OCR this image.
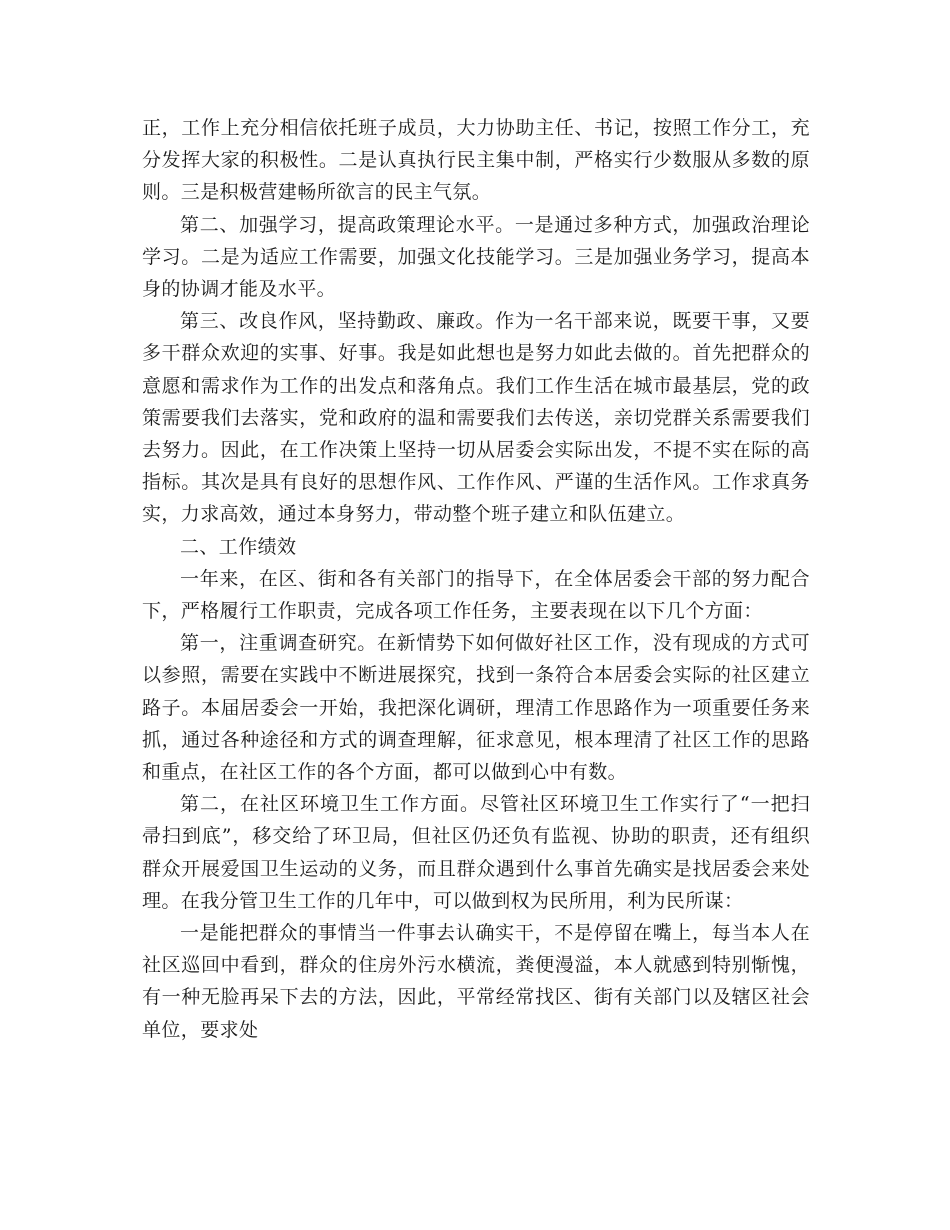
正，工作上充分相信依托班子成员，大力协助主任、书记，按照工作分工，充分发挥大家的积极性。二是认真执行民主集中制，严格实行少数服从多数的原则。三是积极营建畅所欲言的民主气氛。

第二、加强学习，提高政策理论水平。一是通过多种方式，加强政治理论学习。二是为适应工作需要，加强文化技能学习。三是加强业务学习，提高本身的协调才能及水平。

第三、改良作风，坚持勤政、廉政。作为一名干部来说，既要干事，又要多干群众欢迎的实事、好事。我是如此想也是努力如此去做的。首先把群众的意愿和需求作为工作的出发点和落角点。我们工作生活在城市最基层，党的政策需要我们去落实，党和政府的温和需要我们去传送，亲切党群关系需要我们去努力。因此，在工作决策上坚持一切从居委会实际出发，不提不实在际的高指标。其次是具有良好的思想作风、工作作风、严谨的生活作风。工作求真务实，力求高效，通过本身努力，带动整个班子建立和队伍建立。

二、工作绩效

一年来，在区、街和各有关部门的指导下，在全体居委会干部的努力配合下，严格履行工作职责，完成各项工作任务，主要表现在以下几个方面：

第一，注重调查研究。在新情势下如何做好社区工作，没有现成的方式可以参照，需要在实践中不断进展探究，找到一条符合本居委会实际的社区建立路子。本届居委会一开始，我把深化调研，理清工作思路作为一项重要任务来抓，通过各种途径和方式的调查理解，征求意见，根本理清了社区工作的思路和重点，在社区工作的各个方面，都可以做到心中有数。

第二，在社区环境卫生工作方面。尽管社区环境卫生工作实行了“一把扫帚扫到底”，移交给了环卫局，但社区仍还负有监视、协助的职责，还有组织群众开展爱国卫生运动的义务，而且群众遇到什么事首先确实是找居委会来处理。在我分管卫生工作的几年中，可以做到权为民所用，利为民所谋：

一是能把群众的事情当一件事去认确实干，不是停留在嘴上，每当本人在社区巡回中看到，群众的住房外污水横流，粪便漫溢，本人就感到特别惭愧，有一种无脸再呆下去的方法，因此，平常经常找区、街有关部门以及辖区社会单位，要求处
